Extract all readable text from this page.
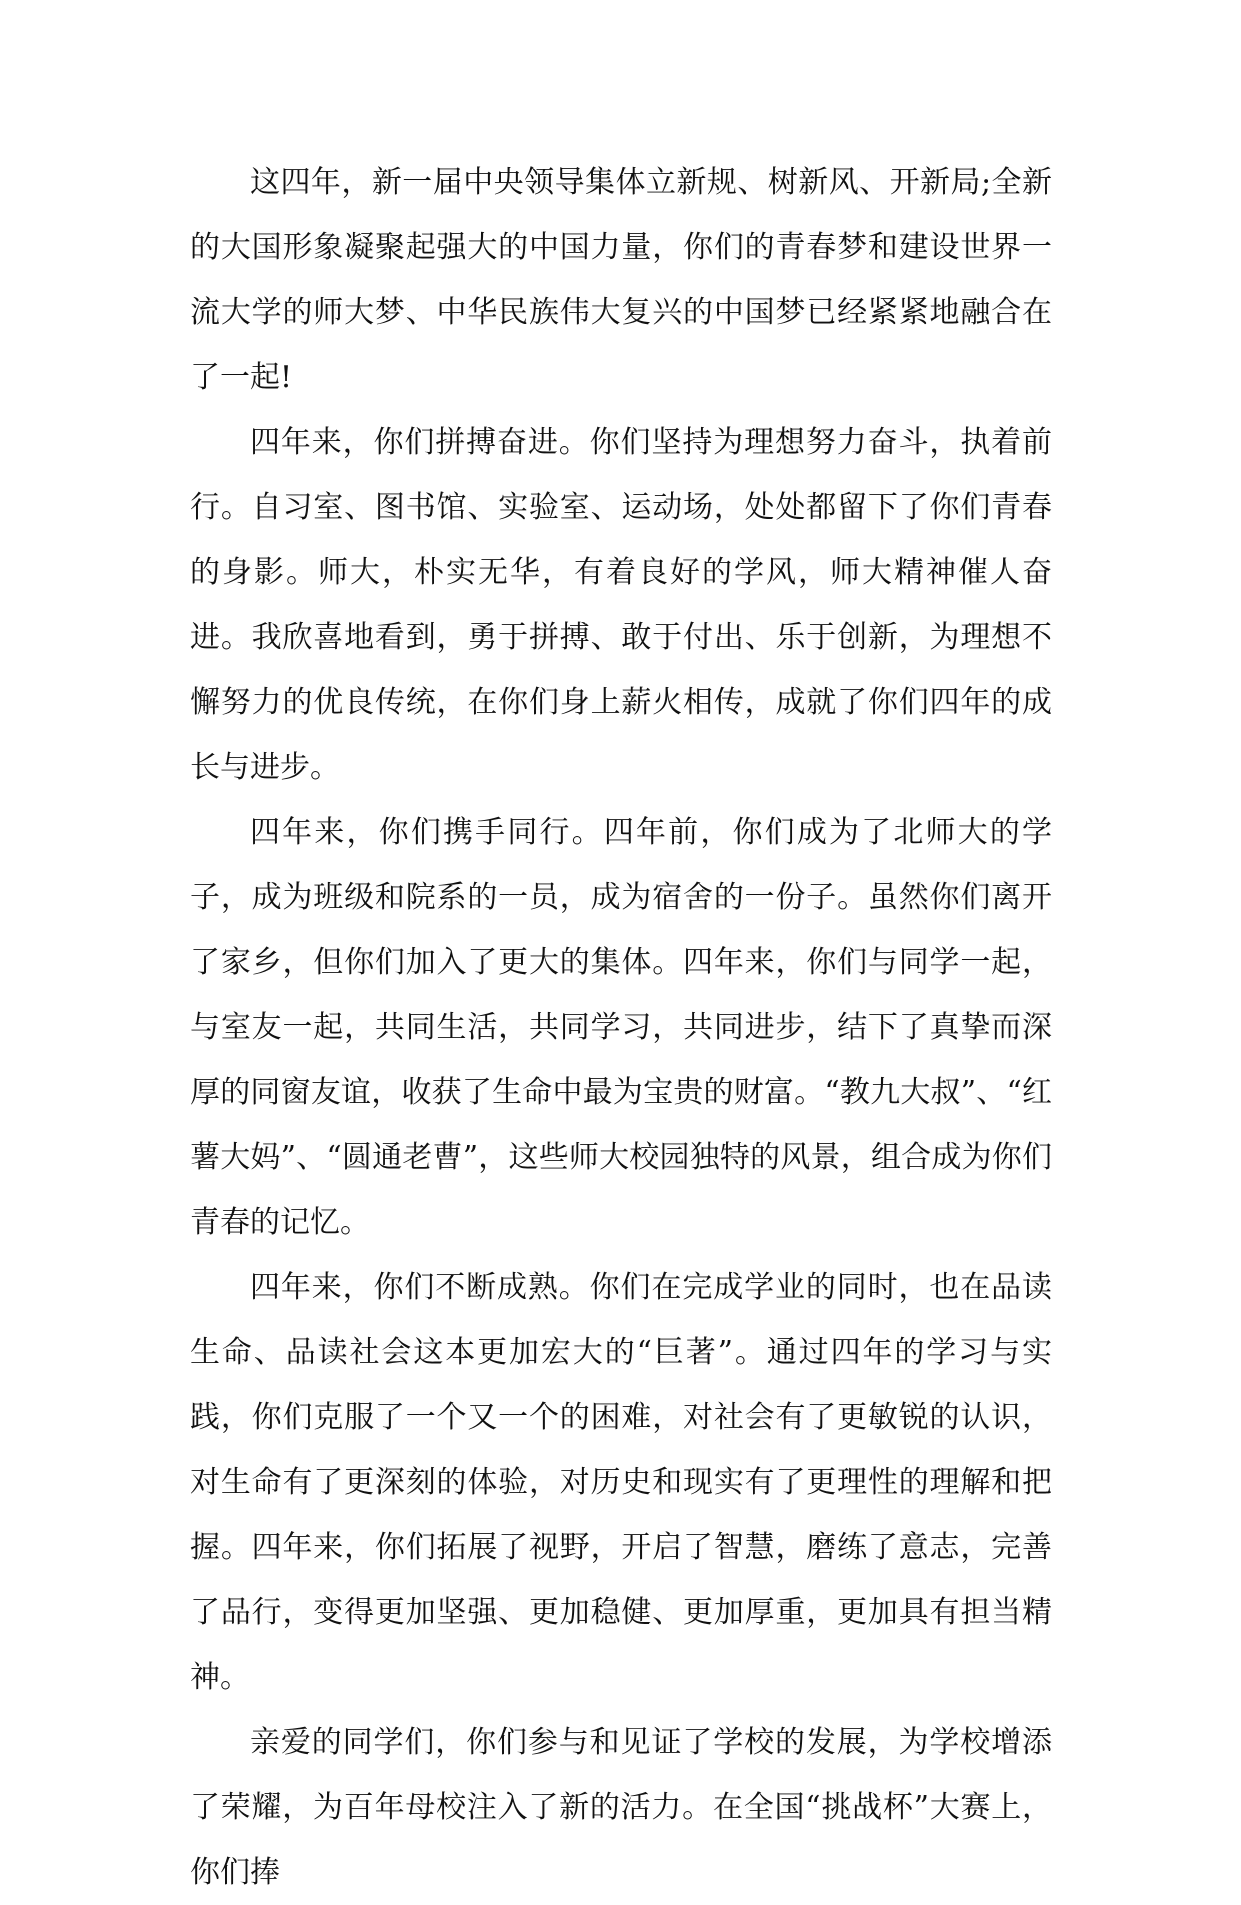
这四年，新一届中央领导集体立新规、树新风、开新局;全新的大国形象凝聚起强大的中国力量，你们的青春梦和建设世界一流大学的师大梦、中华民族伟大复兴的中国梦已经紧紧地融合在了一起!

四年来，你们拼搏奋进。你们坚持为理想努力奋斗，执着前行。自习室、图书馆、实验室、运动场，处处都留下了你们青春的身影。师大，朴实无华，有着良好的学风，师大精神催人奋进。我欣喜地看到，勇于拼搏、敢于付出、乐于创新，为理想不懈努力的优良传统，在你们身上薪火相传，成就了你们四年的成长与进步。

四年来，你们携手同行。四年前，你们成为了北师大的学子，成为班级和院系的一员，成为宿舍的一份子。虽然你们离开了家乡，但你们加入了更大的集体。四年来，你们与同学一起，与室友一起，共同生活，共同学习，共同进步，结下了真挚而深厚的同窗友谊，收获了生命中最为宝贵的财富。“教九大叔”、“红薯大妈”、“圆通老曹”，这些师大校园独特的风景，组合成为你们青春的记忆。

四年来，你们不断成熟。你们在完成学业的同时，也在品读生命、品读社会这本更加宏大的“巨著”。通过四年的学习与实践，你们克服了一个又一个的困难，对社会有了更敏锐的认识，对生命有了更深刻的体验，对历史和现实有了更理性的理解和把握。四年来，你们拓展了视野，开启了智慧，磨练了意志，完善了品行，变得更加坚强、更加稳健、更加厚重，更加具有担当精神。

亲爱的同学们，你们参与和见证了学校的发展，为学校增添了荣耀，为百年母校注入了新的活力。在全国“挑战杯”大赛上，你们捧
